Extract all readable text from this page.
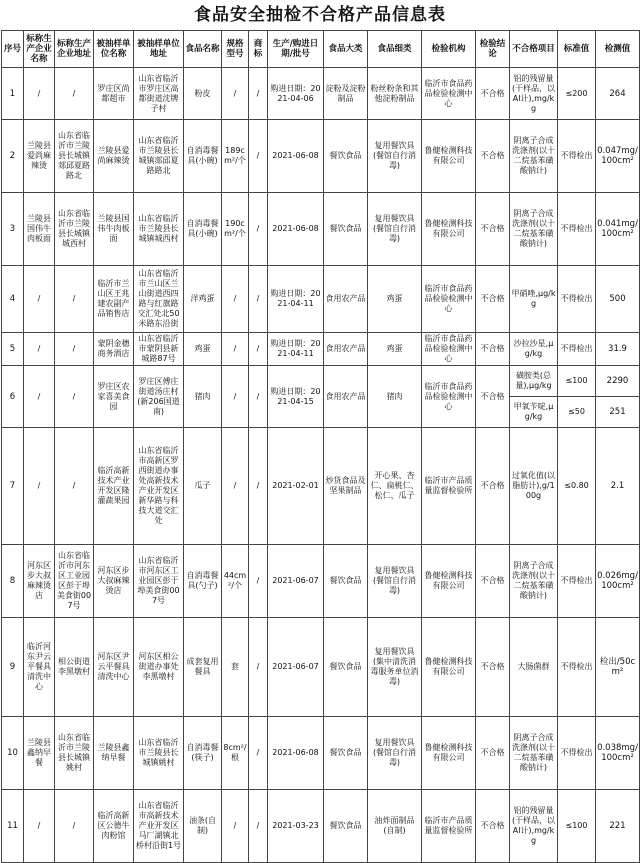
食品安全抽检不合格产品信息表
序号	标称生产企业名称	标称生产企业地址	被抽样单位名称	被抽样单位地址	食品名称	规格型号	商标	生产/购进日期/批号	食品大类	食品细类	检验机构	检验结论	不合格项目	标准值	检测值
1	/	/	罗庄区尚都超市	山东省临沂市罗庄区高都街道沈牌子村	粉皮	/	/	购进日期：2021-04-06	淀粉及淀粉制品	粉丝粉条和其他淀粉制品	临沂市食品药品检验检测中心	不合格	铝的残留量(干样品，以Al计),mg/kg	≤200	264
2	兰陵县爱尚麻辣烫	山东省临沂市兰陵县长城镇郯邱夏路路北	兰陵县爱尚麻辣烫	山东省临沂市兰陵县长城镇郯邱夏路路北	自消毒餐具(小碗)	189cm²/个	/	2021-06-08	餐饮食品	复用餐饮具(餐馆自行消毒)	鲁健检测科技有限公司	不合格	阴离子合成洗涤剂(以十二烷基苯磺酸钠计)	不得检出	0.047mg/100cm²
3	兰陵县国伟牛肉板面	山东省临沂市兰陵县长城镇城西村	兰陵县国伟牛肉板面	山东省临沂市兰陵县长城镇城西村	自消毒餐具(小碗)	190cm²/个	/	2021-06-08	餐饮食品	复用餐饮具(餐馆自行消毒)	鲁健检测科技有限公司	不合格	阴离子合成洗涤剂(以十二烷基苯磺酸钠计)	不得检出	0.041mg/100cm²
4	/	/	临沂市兰山区王兆建农副产品销售店	山东省临沂市兰山区兰山街道西四路与红旗路交汇处北50米路东沿街	洋鸡蛋	/	/	购进日期：2021-04-11	食用农产品	鸡蛋	临沂市食品药品检验检测中心	不合格	甲硝唑,μg/kg	不得检出	500
5	/	/	蒙阴金穗商务酒店	山东省临沂市蒙阴县新城路87号	鸡蛋	/	/	购进日期：2021-04-11	食用农产品	鸡蛋	临沂市食品药品检验检测中心	不合格	沙拉沙星,μg/kg	不得检出	31.9
6	/	/	罗庄区农家喜美食园	罗庄区傅庄街道汤庄村(新206国道南)	猪肉	/	/	购进日期：2021-04-15	食用农产品	猪肉	临沂市食品药品检验检测中心	不合格	磺胺类(总量),μg/kg	≤100	2290
													甲氧苄啶,μg/kg	≤50	251
7	/	/	临沂高新技术产业开发区隆灌蔬果园	山东省临沂市高新区罗西街道办事处高新技术产业开发区新华路与科技大道交汇处	瓜子	/	/	2021-02-01	炒货食品及坚果制品	开心果、杏仁、扁桃仁、松仁、瓜子	临沂市产品质量监督检验所	不合格	过氧化值(以脂肪计),g/100g	≤0.80	2.1
8	河东区步大叔麻辣烫店	山东省临沂市河东区工业园区彭于埠美食街007号	河东区步大叔麻辣烫店	山东省临沂市河东区工业园区彭于埠美食街007号	自消毒餐具(勺子)	44cm²/个	/	2021-06-07	餐饮食品	复用餐饮具(餐馆自行消毒)	鲁健检测科技有限公司	不合格	阴离子合成洗涤剂(以十二烷基苯磺酸钠计)	不得检出	0.026mg/100cm²
9	临沂河东尹云平餐具清洗中心	相公街道李黑墩村	河东区尹云平餐具清洗中心	河东区相公街道办事处李黑墩村	成套复用餐具	套	/	2021-06-07	餐饮食品	复用餐饮具(集中清洗消毒服务单位消毒)	鲁健检测科技有限公司	不合格	大肠菌群	不得检出	检出/50cm²
10	兰陵县鑫纳早餐	山东省临沂市兰陵县长城镇姚村	兰陵县鑫纳早餐	山东省临沂市兰陵县长城镇姚村	自消毒餐(筷子)	8cm²/根	/	2021-06-08	餐饮食品	复用餐饮具(餐馆自行消毒)	鲁健检测科技有限公司	不合格	阴离子合成洗涤剂(以十二烷基苯磺酸钠计)	不得检出	0.038mg/100cm²
11	/	/	临沂高新区公德牛肉粉馆	山东省临沂市高新技术产业开发区马厂湖镇北桥村沿街1号	油条(自制)	/	/	2021-03-23	餐饮食品	油炸面制品(自制)	临沂市产品质量监督检验所	不合格	铝的残留量(干样品，以Al计),mg/kg	≤100	221
